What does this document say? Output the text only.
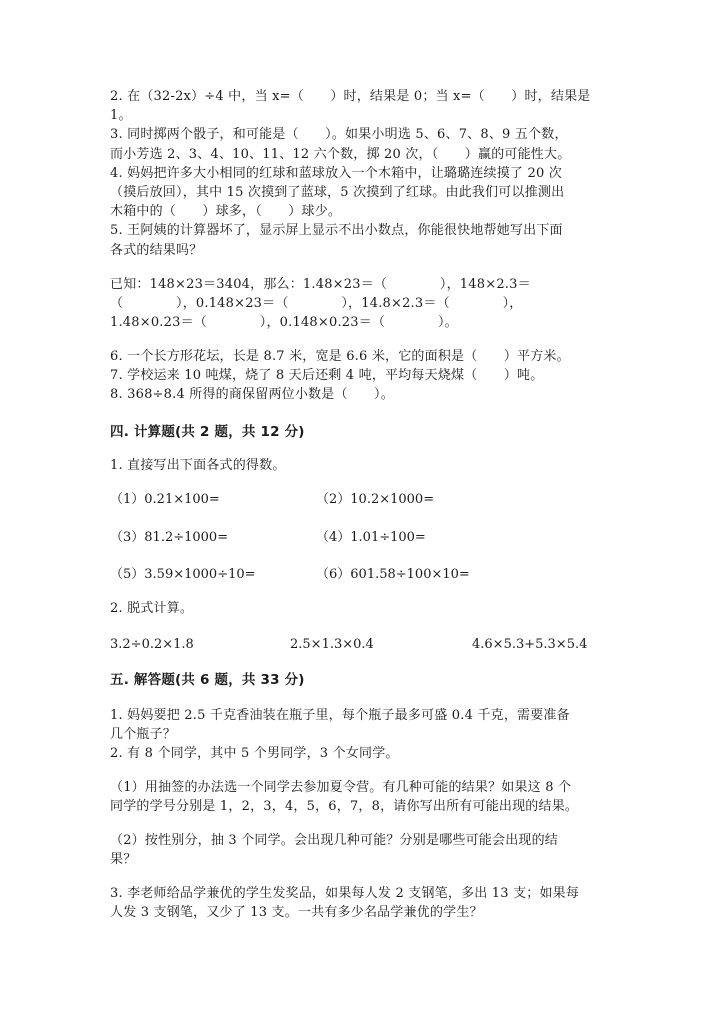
2. 在（32-2x）÷4 中，当 x=（　　）时，结果是 0；当 x=（　　）时，结果是
1。
3. 同时掷两个骰子，和可能是（　　）。如果小明选 5、6、7、8、9 五个数，
而小芳选 2、3、4、10、11、12 六个数，掷 20 次，（　　）赢的可能性大。
4. 妈妈把许多大小相同的红球和蓝球放入一个木箱中，让璐璐连续摸了 20 次
（摸后放回），其中 15 次摸到了蓝球，5 次摸到了红球。由此我们可以推测出
木箱中的（　　）球多，（　　）球少。
5. 王阿姨的计算器坏了，显示屏上显示不出小数点，你能很快地帮她写出下面
各式的结果吗？
已知：148×23＝3404，那么：1.48×23＝（　　　　），148×2.3＝
（　　　　），0.148×23＝（　　　　），14.8×2.3＝（　　　　），
1.48×0.23＝（　　　　），0.148×0.23＝（　　　　）。
6. 一个长方形花坛，长是 8.7 米，宽是 6.6 米，它的面积是（　　）平方米。
7. 学校运来 10 吨煤，烧了 8 天后还剩 4 吨，平均每天烧煤（　　）吨。
8. 368÷8.4 所得的商保留两位小数是（　　）。
四. 计算题(共 2 题，共 12 分)
1. 直接写出下面各式的得数。
（1）0.21×100=	（2）10.2×1000=
（3）81.2÷1000=	（4）1.01÷100=
（5）3.59×1000÷10=	（6）601.58÷100×10=
2. 脱式计算。
3.2÷0.2×1.8	2.5×1.3×0.4	4.6×5.3+5.3×5.4
五. 解答题(共 6 题，共 33 分)
1. 妈妈要把 2.5 千克香油装在瓶子里，每个瓶子最多可盛 0.4 千克，需要准备
几个瓶子？
2. 有 8 个同学，其中 5 个男同学，3 个女同学。
（1）用抽签的办法选一个同学去参加夏令营。有几种可能的结果？如果这 8 个
同学的学号分别是 1，2，3，4，5，6，7，8，请你写出所有可能出现的结果。
（2）按性别分，抽 3 个同学。会出现几种可能？分别是哪些可能会出现的结
果？
3. 李老师给品学兼优的学生发奖品，如果每人发 2 支钢笔，多出 13 支；如果每
人发 3 支钢笔，又少了 13 支。一共有多少名品学兼优的学生？
